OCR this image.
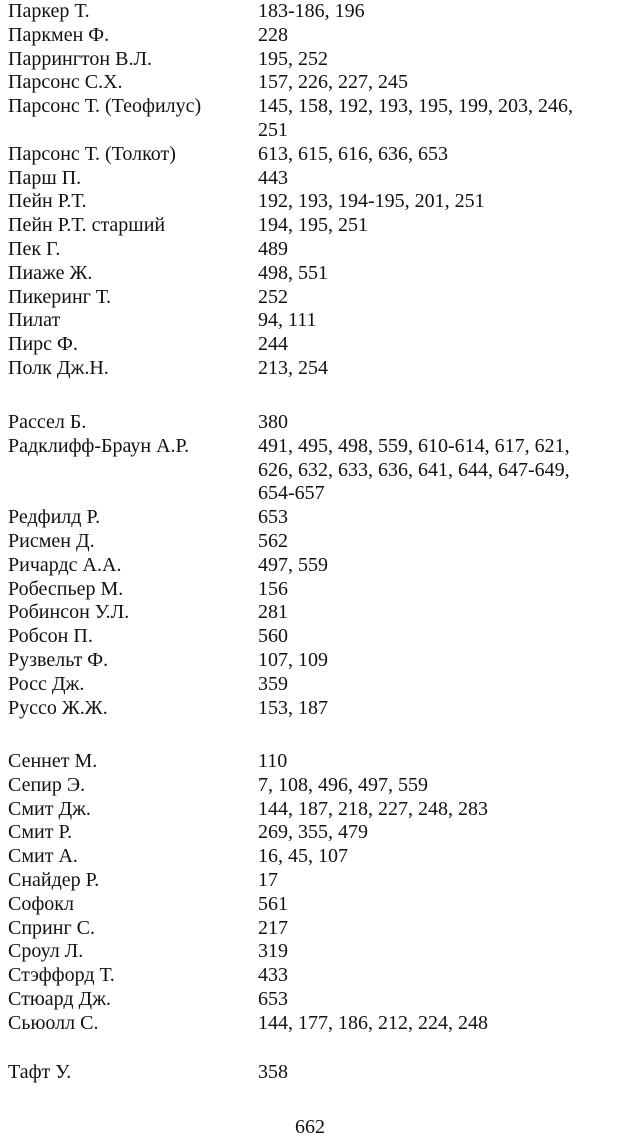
Паркер Т.	183-186, 196
Паркмен Ф.	228
Паррингтон В.Л.	195, 252
Парсонс С.Х.	157, 226, 227, 245
Парсонс Т. (Теофилус)	145, 158, 192, 193, 195, 199, 203, 246,
251
Парсонс Т. (Толкот)	613, 615, 616, 636, 653
Парш П.	443
Пейн Р.Т.	192, 193, 194-195, 201, 251
Пейн Р.Т. старший	194, 195, 251
Пек Г.	489
Пиаже Ж.	498, 551
Пикеринг Т.	252
Пилат	94, 111
Пирс Ф.	244
Полк Дж.Н.	213, 254
Рассел Б.	380
Радклифф-Браун А.Р.	491, 495, 498, 559, 610-614, 617, 621,
626, 632, 633, 636, 641, 644, 647-649,
654-657
Редфилд Р.	653
Рисмен Д.	562
Ричардс А.А.	497, 559
Робеспьер М.	156
Робинсон У.Л.	281
Робсон П.	560
Рузвельт Ф.	107, 109
Росс Дж.	359
Руссо Ж.Ж.	153, 187
Сеннет М.	110
Сепир Э.	7, 108, 496, 497, 559
Смит Дж.	144, 187, 218, 227, 248, 283
Смит Р.	269, 355, 479
Смит А.	16, 45, 107
Снайдер Р.	17
Софокл	561
Спринг С.	217
Сроул Л.	319
Стэффорд Т.	433
Стюард Дж.	653
Сьюолл С.	144, 177, 186, 212, 224, 248
Тафт У.	358
662
